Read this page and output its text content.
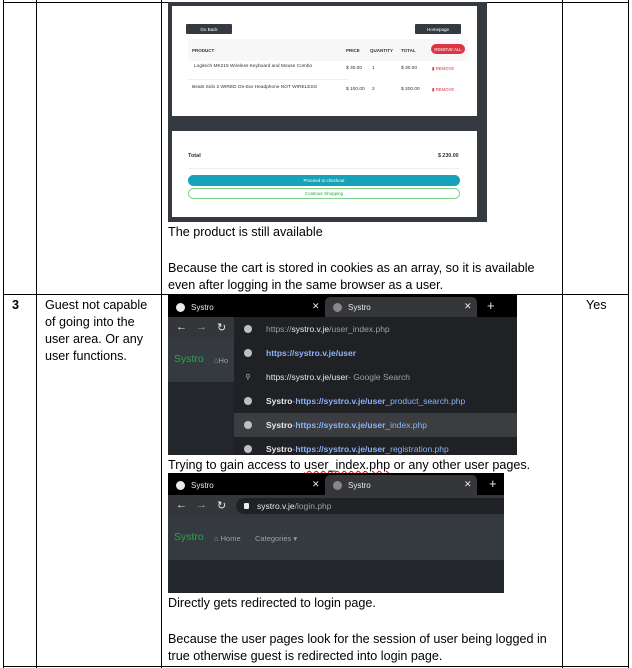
Go Back	Homepage
PRODUCT	PRICE QUANTITY TOTAL	REMOVE ALL
Logitech MK215 Wireless Keyboard and Mouse Combo	$ 30.00 1	$ 30.00	▮ REMOVE
Beats Solo 2 WIRED On-Ear Headphone NOT WIRELESS	$ 100.00 2	$ 200.00	▮ REMOVE
Total	$ 230.00
Proceed to checkout
Continue Shopping
The product is still available
Because the cart is stored in cookies as an array, so it is available even after logging in the same browser as a user.
3 Guest not capable of going into the user area. Or any user functions.
Yes
Systro	✕	Systro	✕ +
← → ↻
Systro ⌂Ho
https:// systro.v.je /user_index.php
https://systro.v.je/user
⚲ https://systro.v.je/user - Google Search
Systro - https://systro.v.je/user _product_search.php
Systro - https://systro.v.je/user _index.php
Systro - https://systro.v.je/user _registration.php
Trying to gain access to user_index.php or any other user pages.
Systro	✕	Systro	✕ +
← → ↻	systro.v.je /login.php
Systro ⌂ Home Categories ▾
Directly gets redirected to login page.
Because the user pages look for the session of user being logged in true otherwise guest is redirected into login page.
